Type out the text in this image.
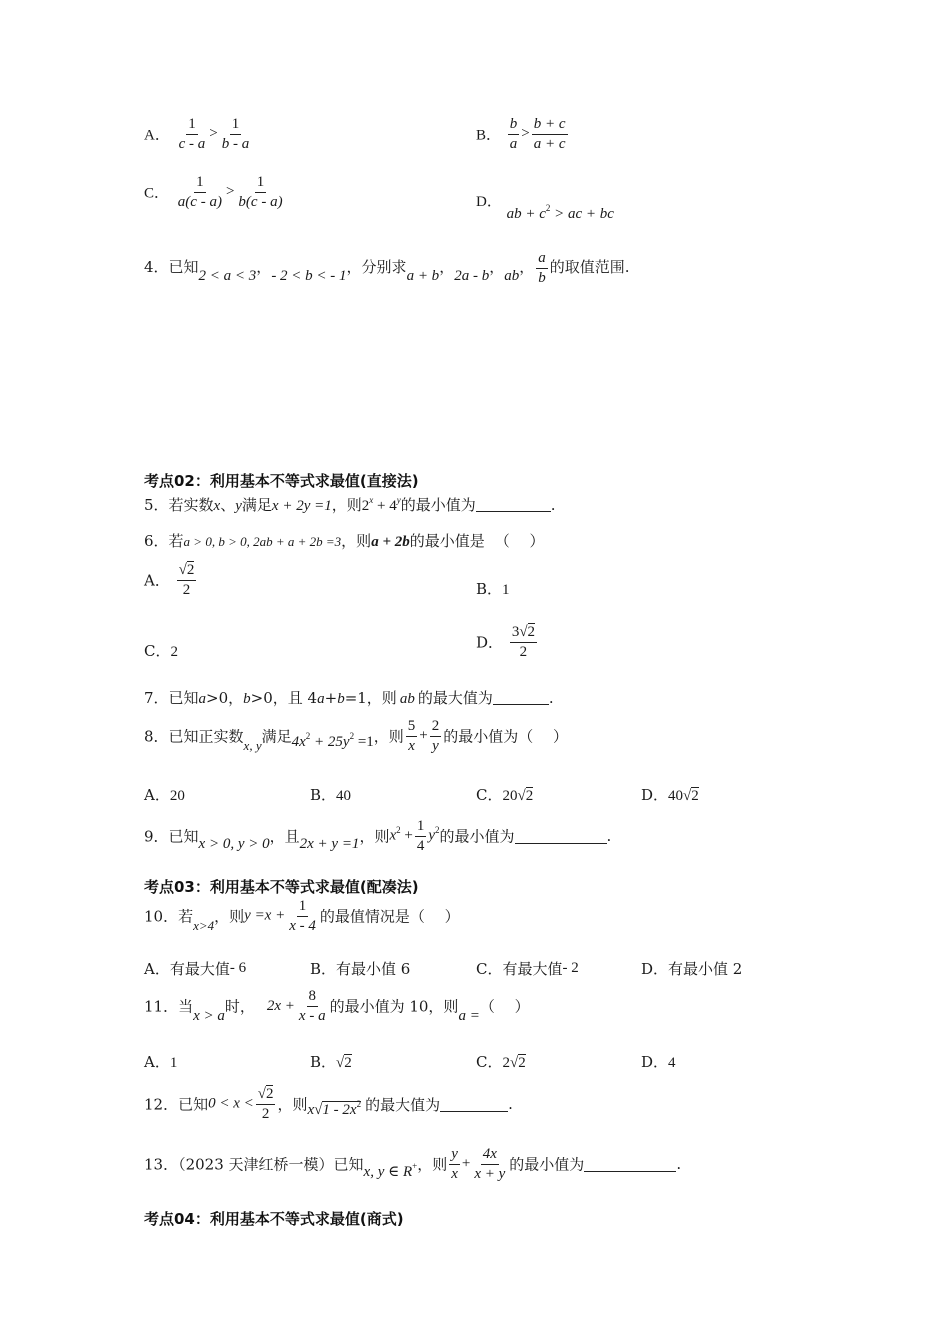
A． $\frac{1}{c - a} > \frac{1}{b - a}$	B． $\frac{b}{a} > \frac{b + c}{a + c}$
C． $\frac{1}{a(c - a)} > \frac{1}{b(c - a)}$	D． ab + $c^2$ > ac + bc
4．已知2 < a < 3，- 2 < b < - 1，分别求a + b，2a - b，ab， $\frac{a}{b}$ 的取值范围.
考点02：利用基本不等式求最值(直接法)
5．若实数x、y满足x + 2y =1，则$2^x + 4^y$的最小值为	.
6．若a > 0, b > 0, 2ab + a + 2b =3，则a + 2b的最小值是 （　 ）
A． $\frac{√2}{2}$	B．1
C．2
D． $\frac{3√2}{2}$
7．已知a>0，b>0，且 4a+b=1，则 ab 的最大值为	.
8．已知正实数x, y满足$4x^2 + 25y^2 =1$，则 $\frac{5}{x} + \frac{2}{y}$ 的最小值为（　 ）
A．20	B．40	C．20√2	D．40√2
9．已知x > 0, y > 0，且2x + y =1，则$x^2 + \frac{1}{4} y^2$的最小值为	.
考点03：利用基本不等式求最值(配凑法)
10．若x>4，则$y =x + \frac{1}{x - 4}$ 的最值情况是（　 ）
A．有最大值- 6	B．有最小值 6	C．有最大值- 2	D．有最小值 2
11．当x > a时， $2x + \frac{8}{x - a}$ 的最小值为 10，则a =（　 ）
A．1	B．√2	C．2√2	D．4
12．已知$0 < x < \frac{√2}{2}$ ，则$x√1 - 2x^2$ 的最大值为	.
13．（2023 天津红桥一模）已知x, y ∈ R+，则 $\frac{y}{x} + \frac{4x}{x + y}$ 的最小值为	.
考点04：利用基本不等式求最值(商式)
